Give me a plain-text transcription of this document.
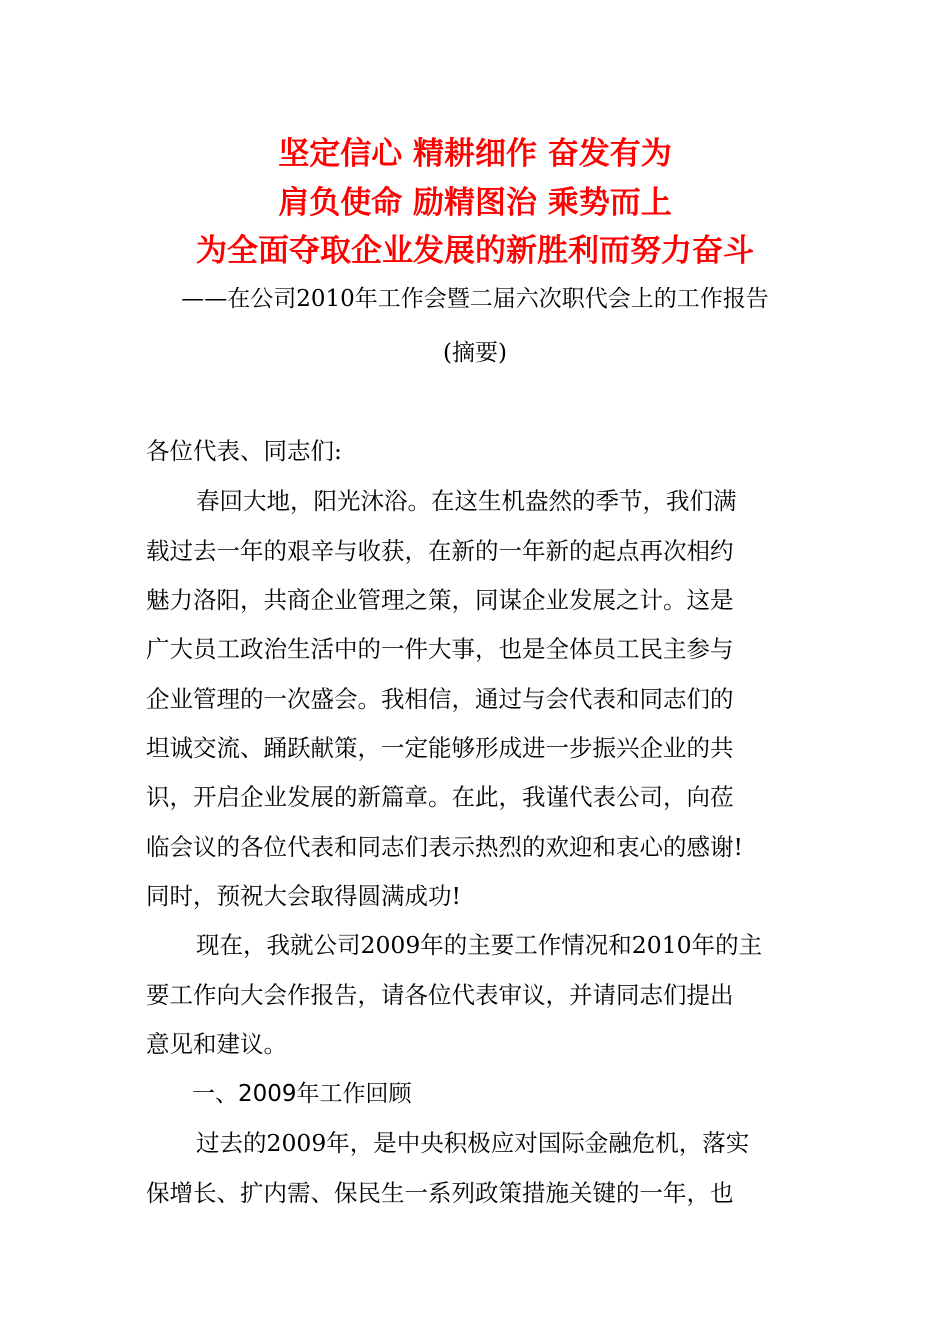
坚定信心 精耕细作 奋发有为
肩负使命 励精图治 乘势而上
为全面夺取企业发展的新胜利而努力奋斗
——在公司2010年工作会暨二届六次职代会上的工作报告
(摘要)
各位代表、同志们:
春回大地，阳光沐浴。在这生机盎然的季节，我们满
载过去一年的艰辛与收获，在新的一年新的起点再次相约
魅力洛阳，共商企业管理之策，同谋企业发展之计。这是
广大员工政治生活中的一件大事，也是全体员工民主参与
企业管理的一次盛会。我相信，通过与会代表和同志们的
坦诚交流、踊跃献策，一定能够形成进一步振兴企业的共
识，开启企业发展的新篇章。在此，我谨代表公司，向莅
临会议的各位代表和同志们表示热烈的欢迎和衷心的感谢!
同时，预祝大会取得圆满成功!
现在，我就公司2009年的主要工作情况和2010年的主
要工作向大会作报告，请各位代表审议，并请同志们提出
意见和建议。
一、2009年工作回顾
过去的2009年，是中央积极应对国际金融危机，落实
保增长、扩内需、保民生一系列政策措施关键的一年，也
